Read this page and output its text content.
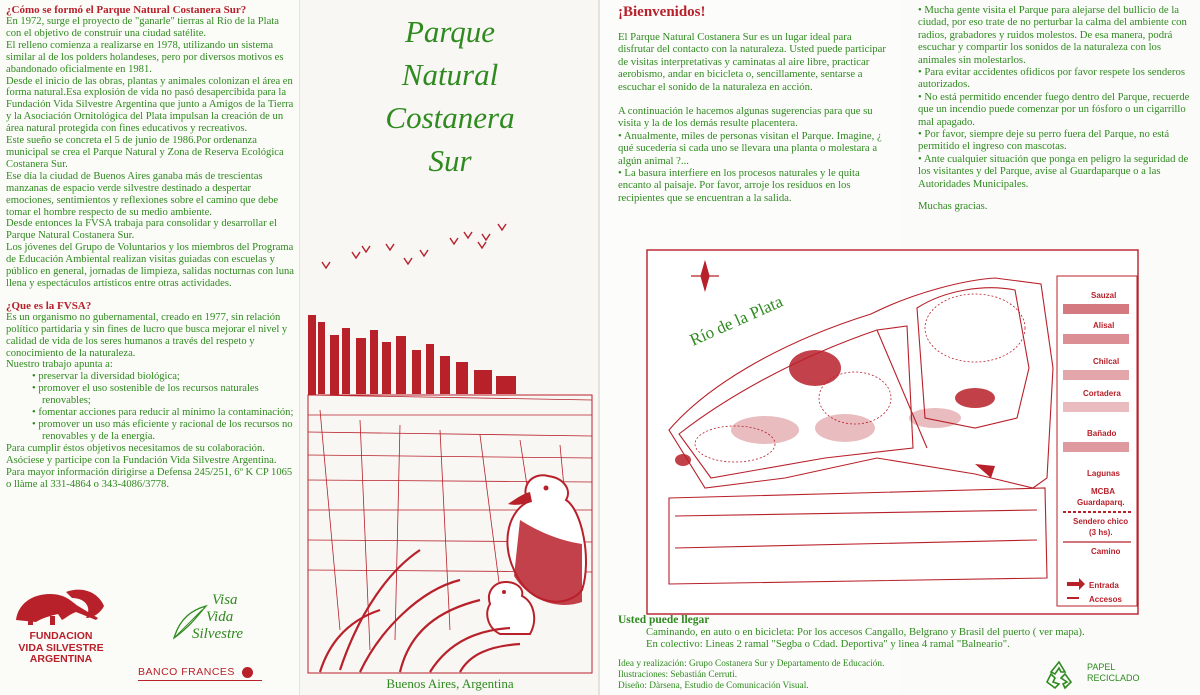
¿Cómo se formó el Parque Natural Costanera Sur?

En 1972, surge el proyecto de "ganarle" tierras al Río de la Plata con el objetivo de construir una ciudad satélite.

El relleno comienza a realizarse en 1978, utilizando un sistema similar al de los polders holandeses, pero por diversos motivos es abandonado oficialmente en 1981.

Desde el inicio de las obras, plantas y animales colonizan el área en forma natural.Esa explosión de vida no pasó desapercibida para la Fundación Vida Silvestre Argentina que junto a Amigos de la Tierra y la Asociación Ornitológica del Plata impulsan la creación de un área natural protegida con fines educativos y recreativos.

Este sueño se concreta el 5 de junio de 1986.Por ordenanza municipal se crea el Parque Natural y Zona de Reserva Ecológica Costanera Sur.

Ese día la ciudad de Buenos Aires ganaba más de trescientas manzanas de espacio verde silvestre destinado a despertar emociones, sentimientos y reflexiones sobre el camino que debe tomar el hombre respecto de su medio ambiente.

Desde entonces la FVSA trabaja para consolidar y desarrollar el Parque Natural Costanera Sur.

Los jóvenes del Grupo de Voluntarios y los miembros del Programa de Educación Ambiental realizan visitas guiadas con escuelas y público en general, jornadas de limpieza, salidas nocturnas con luna llena y espectáculos artísticos entre otras actividades.

¿Que es la FVSA?

Es un organismo no gubernamental, creado en 1977, sin relación político partidaria y sin fines de lucro que busca mejorar el nivel y calidad de vida de los seres humanos a través del respeto y conocimiento de la naturaleza.

Nuestro trabajo apunta a:

• preservar la diversidad biológica;

• promover el uso sostenible de los recursos naturales renovables;

• fomentar acciones para reducir al mínimo la contaminación;

• promover un uso más eficiente y racional de los recursos no renovables y de la energía.

Para cumplir éstos objetivos necesitamos de su colaboración. Asóciese y participe con la Fundación Vida Silvestre Argentina.

Para mayor información dirigirse a Defensa 245/251, 6º K CP 1065 o llàme al 331-4864 o 343-4086/3778.

FUNDACION

VIDA SILVESTRE

ARGENTINA

Visa
Vida
Silvestre
BANCO FRANCES
Parque
Natural
Costanera
Sur
Buenos Aires, Argentina

¡Bienvenidos!

El Parque Natural Costanera Sur es un lugar ideal para disfrutar del contacto con la naturaleza. Usted puede participar de visitas interpretativas y caminatas al aire libre, practicar aerobismo, andar en bicicleta o, sencillamente, sentarse a escuchar el sonido de la naturaleza en acción.

A continuación le hacemos algunas sugerencias para que su visita y la de los demás resulte placentera.

• Anualmente, miles de personas visitan el Parque. Imagine, ¿ qué sucedería si cada uno se llevara una planta o molestara a algún animal ?...

• La basura interfiere en los procesos naturales y le quita encanto al paisaje. Por favor, arroje los residuos en los recipientes que se encuentran a la salida.

• Mucha gente visita el Parque para alejarse del bullicio de la ciudad, por eso trate de no perturbar la calma del ambiente con radios, grabadores y ruidos molestos. De esa manera, podrá escuchar y compartir los sonidos de la naturaleza con los animales sin molestarlos.

• Para evitar accidentes ofidicos por favor respete los senderos autorizados.

• No está permitido encender fuego dentro del Parque, recuerde que un incendio puede comenzar por un fósforo o un cigarrillo mal apagado.

• Por favor, siempre deje su perro fuera del Parque, no está permitido el ingreso con mascotas.

• Ante cualquier situación que ponga en peligro la seguridad de los visitantes y del Parque, avise al Guardaparque o a las Autoridades Municipales.

Muchas gracias.

Río de la Plata	Sauzal
Alisal
Chilcal
Cortadera
Bañado
Lagunas
MCBA
Guardaparq.
Sendero chico
(3 hs).
Camino
Entrada
Accesos

Usted puede llegar

Caminando, en auto o en bicicleta: Por los accesos Cangallo, Belgrano y Brasil del puerto ( ver mapa).

En colectivo: Lineas 2 ramal "Segba o Cdad. Deportiva" y linea 4 ramal "Balneario".

Idea y realización: Grupo Costanera Sur y Departamento de Educación.

Ilustraciones: Sebastián Cerruti.

Diseño: Dàrsena, Estudio de Comunicación Visual.

PAPEL
RECICLADO
